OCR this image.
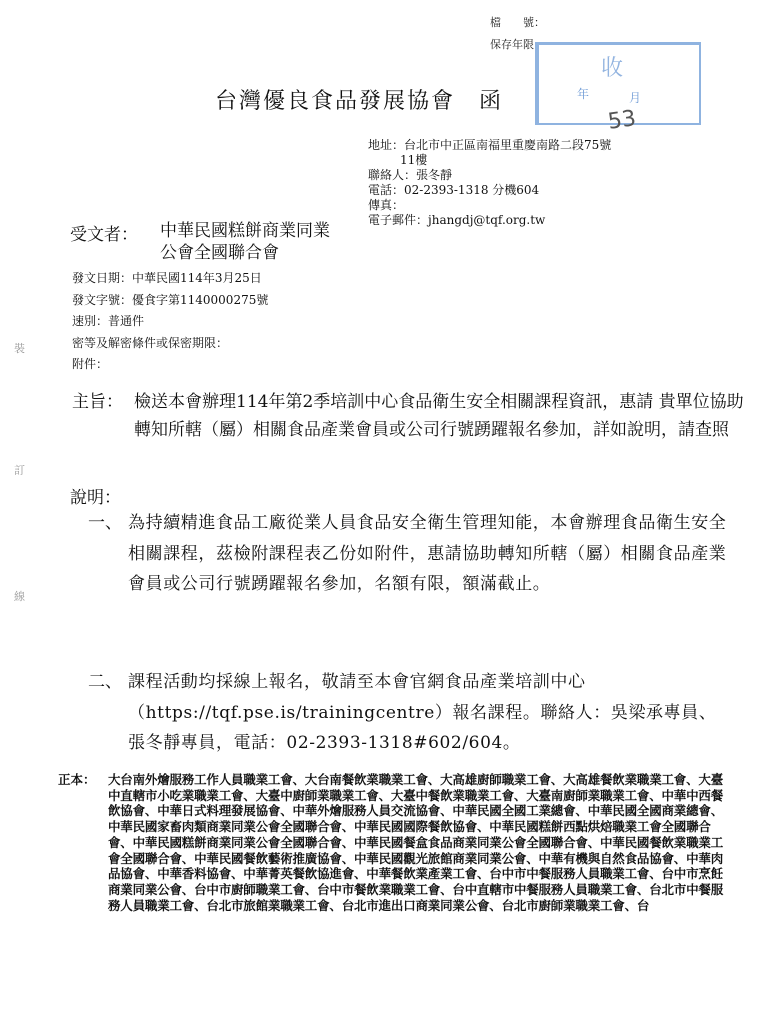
檔　　號：
保存年限：
收
年	月
53
台灣優良食品發展協會 函
地址：台北市中正區南福里重慶南路二段75號
11樓
聯絡人：張冬靜
電話：02-2393-1318 分機604
傳真：
電子郵件：jhangdj@tqf.org.tw
受文者： 中華民國糕餅商業同業
公會全國聯合會
發文日期：中華民國114年3月25日
發文字號：優食字第1140000275號
速別：普通件
密等及解密條件或保密期限：
附件：
裝
訂
線
主旨： 檢送本會辦理114年第2季培訓中心食品衛生安全相關課程資訊，惠請 貴單位協助轉知所轄（屬）相關食品產業會員或公司行號踴躍報名參加，詳如說明，請查照
說明：
一、 為持續精進食品工廠從業人員食品安全衛生管理知能，本會辦理食品衛生安全相關課程，茲檢附課程表乙份如附件，惠請協助轉知所轄（屬）相關食品產業會員或公司行號踴躍報名參加，名額有限，額滿截止。
二、 課程活動均採線上報名，敬請至本會官網食品產業培訓中心（https://tqf.pse.is/trainingcentre）報名課程。聯絡人：吳梁承專員、張冬靜專員，電話：02-2393-1318#602/604。
正本： 大台南外燴服務工作人員職業工會、大台南餐飲業職業工會、大高雄廚師職業工會、大高雄餐飲業職業工會、大臺中直轄市小吃業職業工會、大臺中廚師業職業工會、大臺中餐飲業職業工會、大臺南廚師業職業工會、中華中西餐飲協會、中華日式料理發展協會、中華外燴服務人員交流協會、中華民國全國工業總會、中華民國全國商業總會、中華民國家畜肉類商業同業公會全國聯合會、中華民國國際餐飲協會、中華民國糕餅西點烘焙職業工會全國聯合會、中華民國糕餅商業同業公會全國聯合會、中華民國餐盒食品商業同業公會全國聯合會、中華民國餐飲業職業工會全國聯合會、中華民國餐飲藝術推廣協會、中華民國觀光旅館商業同業公會、中華有機與自然食品協會、中華肉品協會、中華香料協會、中華菁英餐飲協進會、中華餐飲業產業工會、台中市中餐服務人員職業工會、台中市烹飪商業同業公會、台中市廚師職業工會、台中市餐飲業職業工會、台中直轄市中餐服務人員職業工會、台北市中餐服務人員職業工會、台北市旅館業職業工會、台北市進出口商業同業公會、台北市廚師業職業工會、台
